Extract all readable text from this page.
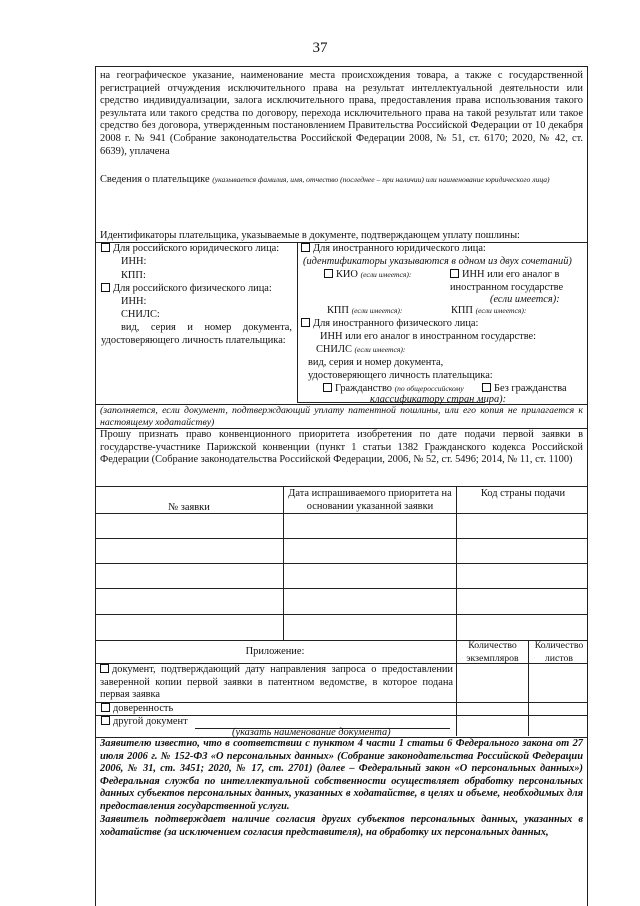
37
на географическое указание, наименование места происхождения товара, а также с государственной регистрацией отчуждения исключительного права на результат интеллектуальной деятельности или средство индивидуализации, залога исключительного права, предоставления права использования такого результата или такого средства по договору, перехода исключительного права на такой результат или такое средство без договора, утвержденным постановлением Правительства Российской Федерации от 10 декабря 2008 г. № 941 (Собрание законодательства Российской Федерации 2008, № 51, ст. 6170; 2020, № 42, ст. 6639), уплачена
Сведения о плательщике (указывается фамилия, имя, отчество (последнее – при наличии) или наименование юридического лица)
Идентификаторы плательщика, указываемые в документе, подтверждающем уплату пошлины:
Для российского юридического лица:
ИНН:
КПП:
Для российского физического лица:
ИНН:
СНИЛС:
вид, серия и номер документа,
удостоверяющего личность плательщика:
Для иностранного юридического лица:
(идентификаторы указываются в одном из двух сочетаний)
КИО (если имеется):	ИНН или его аналог в иностранном государстве
(если имеется):
КПП (если имеется):	КПП (если имеется):
Для иностранного физического лица:
ИНН или его аналог в иностранном государстве:
СНИЛС (если имеется):
вид, серия и номер документа,
удостоверяющего личность плательщика:
Гражданство (по общероссийскому	Без гражданства
классификатору стран мира):
(заполняется, если документ, подтверждающий уплату патентной пошлины, или его копия не прилагается к настоящему ходатайству)
Прошу признать право конвенционного приоритета изобретения по дате подачи первой заявки в государстве-участнике Парижской конвенции (пункт 1 статьи 1382 Гражданского кодекса Российской Федерации (Собрание законодательства Российской Федерации, 2006, № 52, ст. 5496; 2014, № 11, ст. 1100)
№ заявки
Дата испрашиваемого приоритета на основании указанной заявки
Код страны подачи
Приложение:
Количество экземпляров
Количество листов
документ, подтверждающий дату направления запроса о предоставлении заверенной копии первой заявки в патентном ведомстве, в которое подана первая заявка
доверенность
другой документ
(указать наименование документа)
Заявителю известно, что в соответствии с пунктом 4 части 1 статьи 6 Федерального закона от 27 июля 2006 г. № 152-ФЗ «О персональных данных» (Собрание законодательства Российской Федерации 2006, № 31, ст. 3451; 2020, № 17, ст. 2701) (далее – Федеральный закон «О персональных данных») Федеральная служба по интеллектуальной собственности осуществляет обработку персональных данных субъектов персональных данных, указанных в ходатайстве, в целях и объеме, необходимых для предоставления государственной услуги.
Заявитель подтверждает наличие согласия других субъектов персональных данных, указанных в ходатайстве (за исключением согласия представителя), на обработку их персональных данных,
